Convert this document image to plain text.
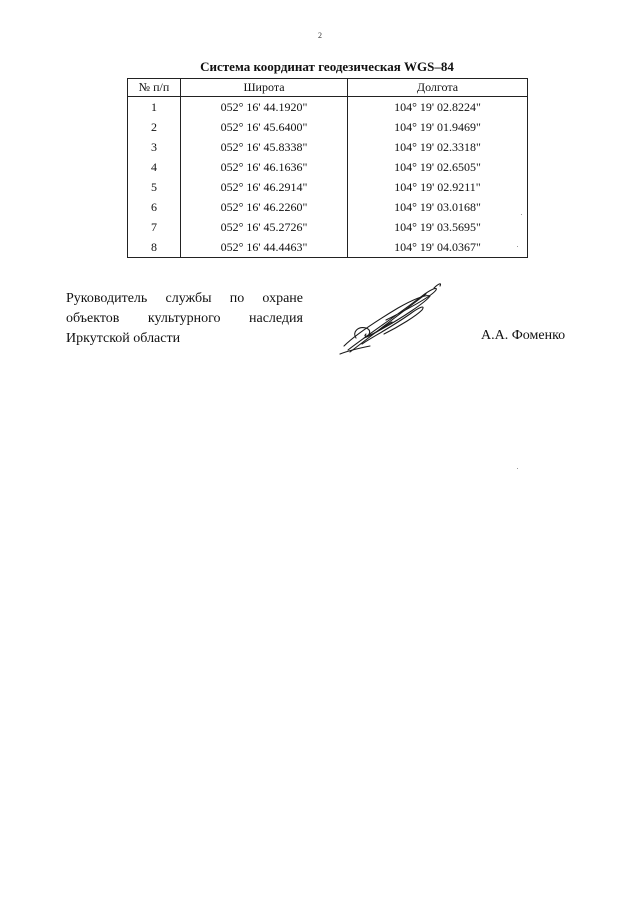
2
Система координат геодезическая WGS–84
№ п/п	Широта	Долгота
1	052° 16' 44.1920"	104° 19' 02.8224"
2	052° 16' 45.6400"	104° 19' 01.9469"
3	052° 16' 45.8338"	104° 19' 02.3318"
4	052° 16' 46.1636"	104° 19' 02.6505"
5	052° 16' 46.2914"	104° 19' 02.9211"
6	052° 16' 46.2260"	104° 19' 03.0168"
7	052° 16' 45.2726"	104° 19' 03.5695"
8	052° 16' 44.4463"	104° 19' 04.0367"
Руководитель службы по охране
объектов культурного наследия
Иркутской области	А.А. Фоменко
